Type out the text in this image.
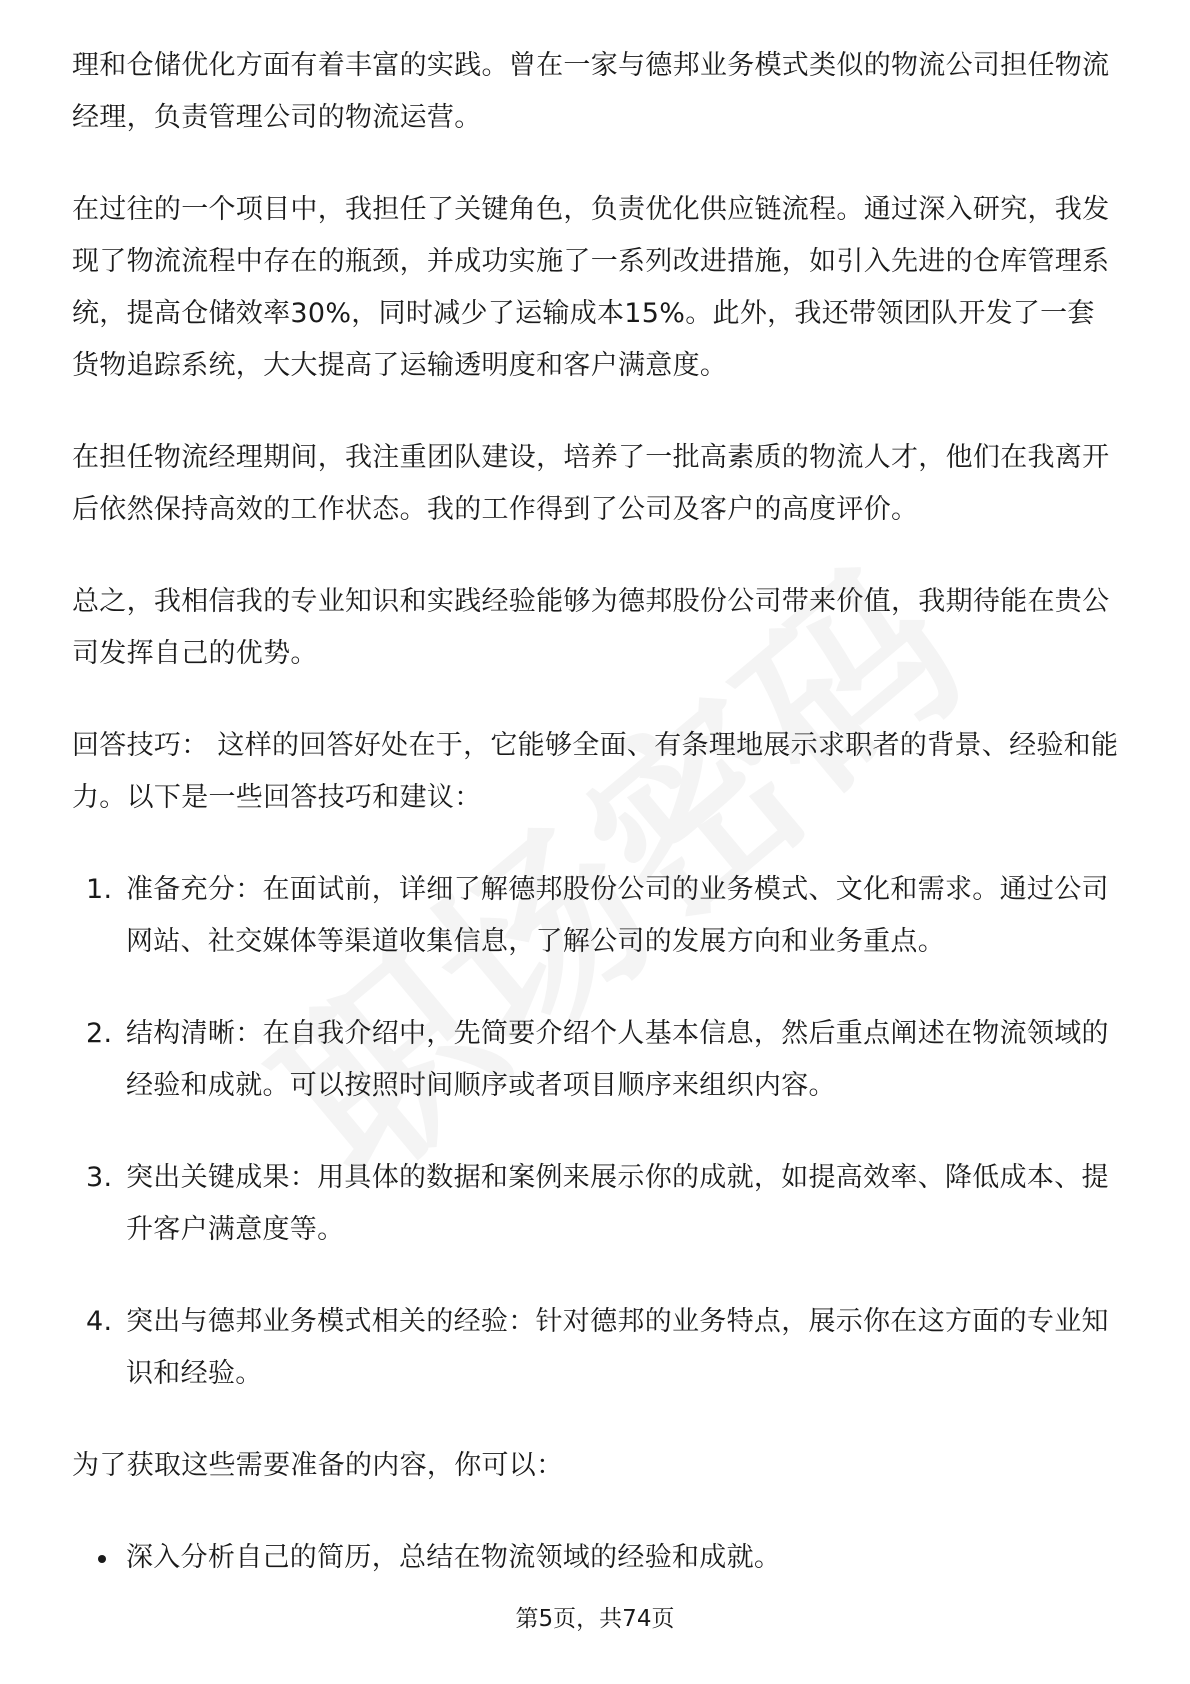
理和仓储优化方面有着丰富的实践。曾在一家与德邦业务模式类似的物流公司担任物流经理，负责管理公司的物流运营。

在过往的一个项目中，我担任了关键角色，负责优化供应链流程。通过深入研究，我发现了物流流程中存在的瓶颈，并成功实施了一系列改进措施，如引入先进的仓库管理系统，提高仓储效率30%，同时减少了运输成本15%。此外，我还带领团队开发了一套货物追踪系统，大大提高了运输透明度和客户满意度。

在担任物流经理期间，我注重团队建设，培养了一批高素质的物流人才，他们在我离开后依然保持高效的工作状态。我的工作得到了公司及客户的高度评价。

总之，我相信我的专业知识和实践经验能够为德邦股份公司带来价值，我期待能在贵公司发挥自己的优势。

回答技巧： 这样的回答好处在于，它能够全面、有条理地展示求职者的背景、经验和能力。以下是一些回答技巧和建议：

1. 准备充分：在面试前，详细了解德邦股份公司的业务模式、文化和需求。通过公司网站、社交媒体等渠道收集信息，了解公司的发展方向和业务重点。
2. 结构清晰：在自我介绍中，先简要介绍个人基本信息，然后重点阐述在物流领域的经验和成就。可以按照时间顺序或者项目顺序来组织内容。
3. 突出关键成果：用具体的数据和案例来展示你的成就，如提高效率、降低成本、提升客户满意度等。
4. 突出与德邦业务模式相关的经验：针对德邦的业务特点，展示你在这方面的专业知识和经验。

为了获取这些需要准备的内容，你可以：

深入分析自己的简历，总结在物流领域的经验和成就。
第5页，共74页
